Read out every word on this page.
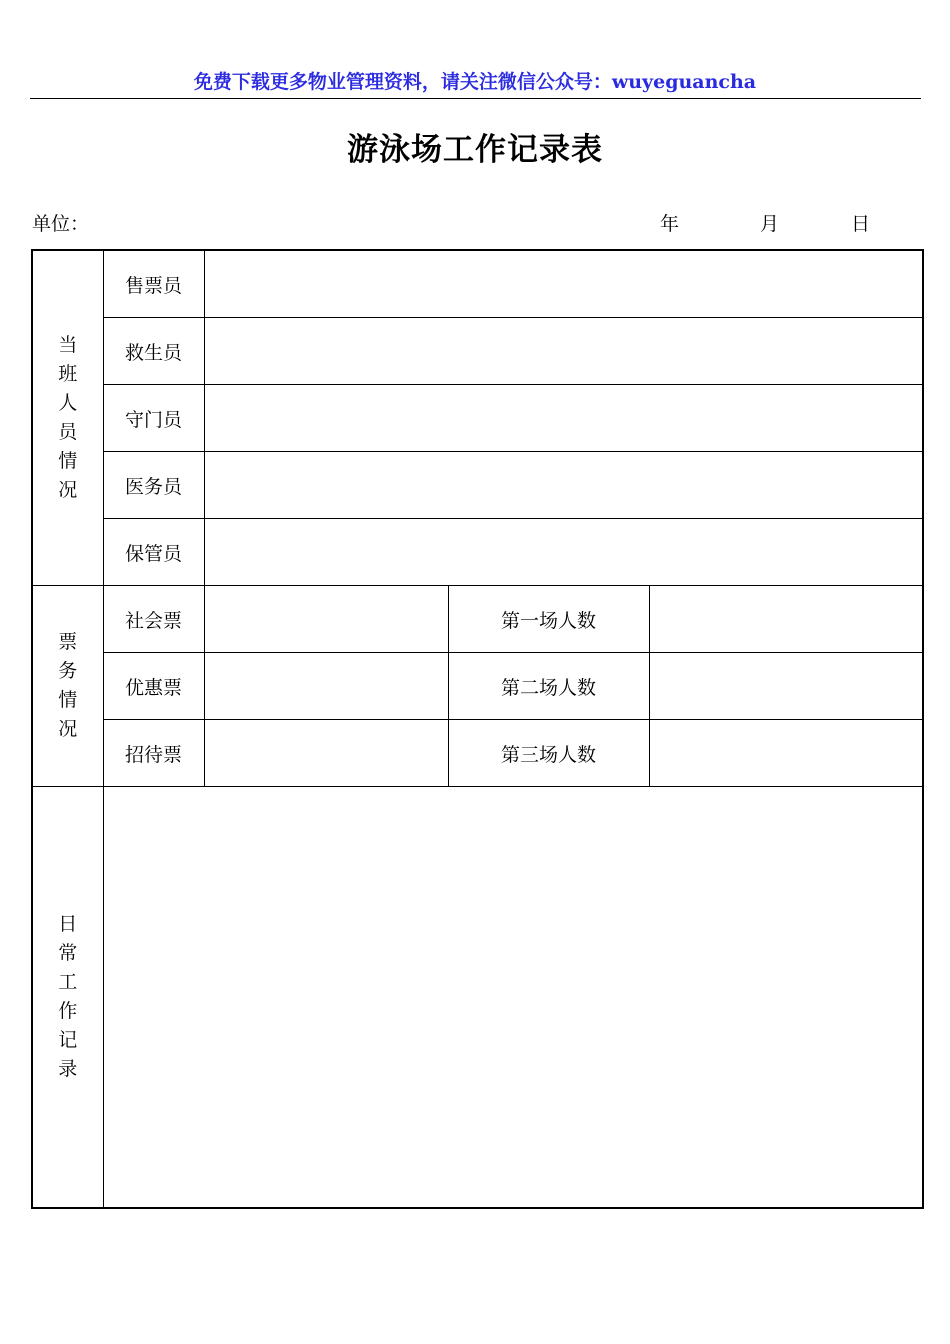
免费下载更多物业管理资料，请关注微信公众号：wuyeguancha
游泳场工作记录表
单位：	年	月	日
当班人员情况	售票员			
	救生员			
	守门员			
	医务员			
	保管员			
票务情况	社会票		第一场人数	
	优惠票		第二场人数	
	招待票		第三场人数	
日常工作记录				
